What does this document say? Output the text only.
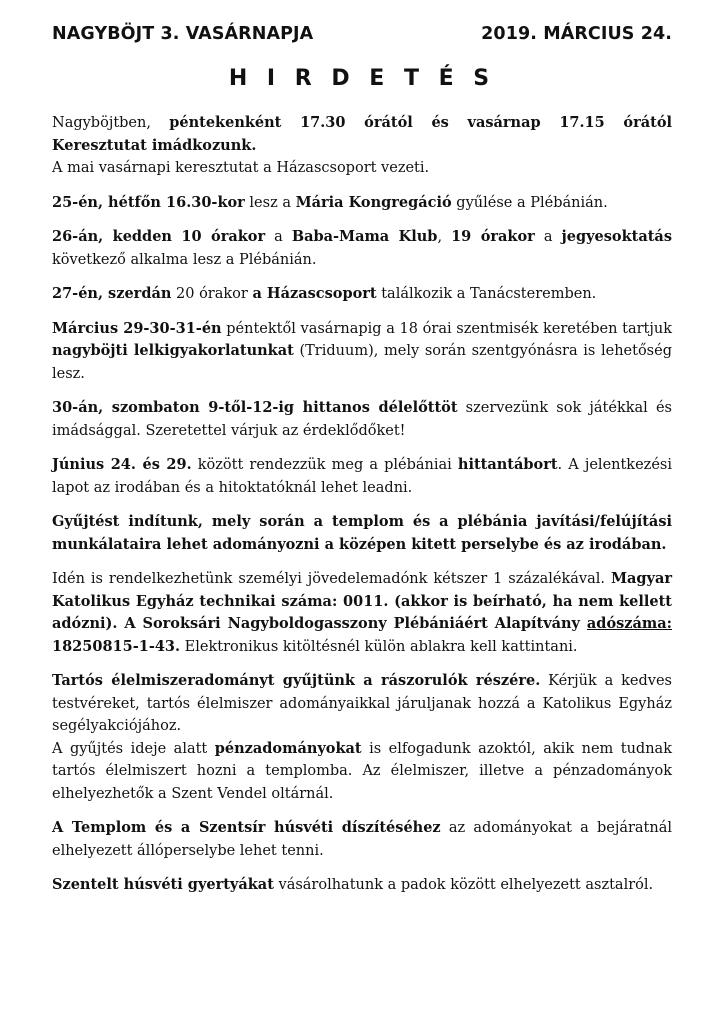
NAGYBÖJT 3. VASÁRNAPJA	2019. MÁRCIUS 24.
H I R D E T É S

Nagyböjtben, péntekenként 17.30 órától és vasárnap 17.15 órától Keresztutat imádkozunk.

A mai vasárnapi keresztutat a Házascsoport vezeti.

25-én, hétfőn 16.30-kor lesz a Mária Kongregáció gyűlése a Plébánián.

26-án, kedden 10 órakor a Baba-Mama Klub, 19 órakor a jegyesoktatás következő alkalma lesz a Plébánián.

27-én, szerdán 20 órakor a Házascsoport találkozik a Tanácsteremben.

Március 29-30-31-én péntektől vasárnapig a 18 órai szentmisék keretében tartjuk nagyböjti lelkigyakorlatunkat (Triduum), mely során szentgyónásra is lehetőség lesz.

30-án, szombaton 9-től-12-ig hittanos délelőttöt szervezünk sok játékkal és imádsággal. Szeretettel várjuk az érdeklődőket!

Június 24. és 29. között rendezzük meg a plébániai hittantábort. A jelentkezési lapot az irodában és a hitoktatóknál lehet leadni.

Gyűjtést indítunk, mely során a templom és a plébánia javítási/felújítási munkálataira lehet adományozni a középen kitett perselybe és az irodában.

Idén is rendelkezhetünk személyi jövedelemadónk kétszer 1 százalékával. Magyar Katolikus Egyház technikai száma: 0011. (akkor is beírható, ha nem kellett adózni). A Soroksári Nagyboldogasszony Plébániáért Alapítvány adószáma: 18250815-1-43. Elektronikus kitöltésnél külön ablakra kell kattintani.

Tartós élelmiszeradományt gyűjtünk a rászorulók részére. Kérjük a kedves testvéreket, tartós élelmiszer adományaikkal járuljanak hozzá a Katolikus Egyház segélyakciójához.

A gyűjtés ideje alatt pénzadományokat is elfogadunk azoktól, akik nem tudnak tartós élelmiszert hozni a templomba. Az élelmiszer, illetve a pénzadományok elhelyezhetők a Szent Vendel oltárnál.

A Templom és a Szentsír húsvéti díszítéséhez az adományokat a bejáratnál elhelyezett állóperselybe lehet tenni.

Szentelt húsvéti gyertyákat vásárolhatunk a padok között elhelyezett asztalról.
